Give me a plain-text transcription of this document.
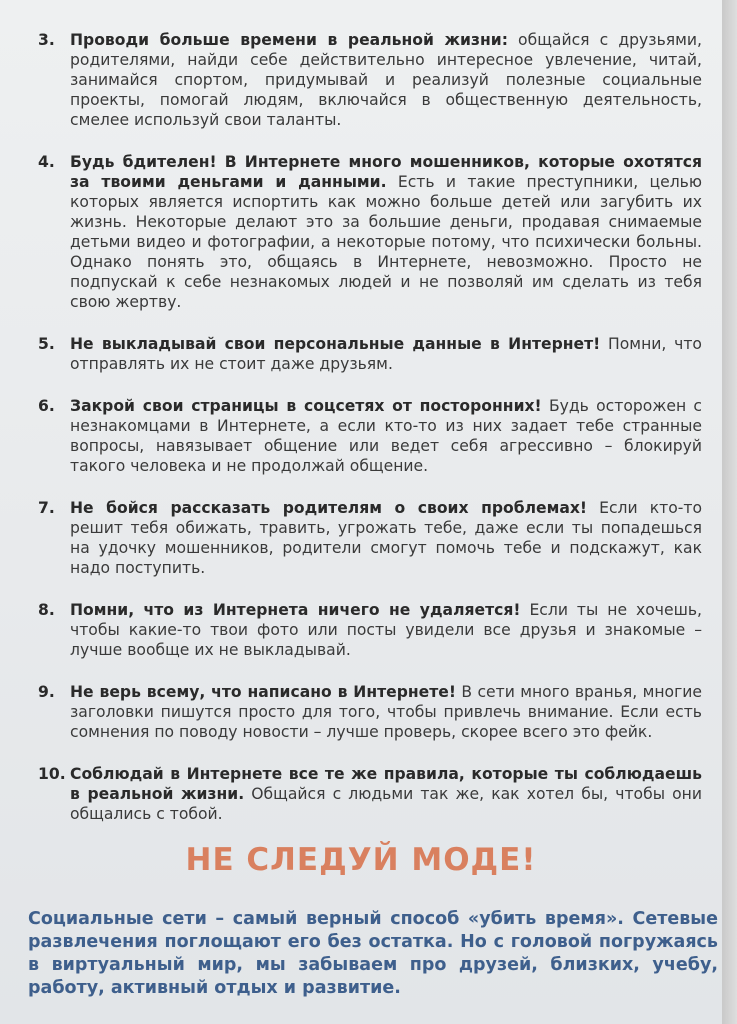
3. Проводи больше времени в реальной жизни: общайся с друзьями, родителями, найди себе действительно интересное увлечение, читай, занимайся спортом, придумывай и реализуй полезные социальные проекты, помогай людям, включайся в общественную деятельность, смелее используй свои таланты.
4. Будь бдителен! В Интернете много мошенников, которые охотятся за твоими деньгами и данными. Есть и такие преступники, целью которых является испортить как можно больше детей или загубить их жизнь. Некоторые делают это за большие деньги, продавая снимаемые детьми видео и фотографии, а некоторые потому, что психически больны. Однако понять это, общаясь в Интернете, невозможно. Просто не подпускай к себе незнакомых людей и не позволяй им сделать из тебя свою жертву.
5. Не выкладывай свои персональные данные в Интернет! Помни, что отправлять их не стоит даже друзьям.
6. Закрой свои страницы в соцсетях от посторонних! Будь осторожен с незнакомцами в Интернете, а если кто-то из них задает тебе странные вопросы, навязывает общение или ведет себя агрессивно – блокируй такого человека и не продолжай общение.
7. Не бойся рассказать родителям о своих проблемах! Если кто-то решит тебя обижать, травить, угрожать тебе, даже если ты попадешься на удочку мошенников, родители смогут помочь тебе и подскажут, как надо поступить.
8. Помни, что из Интернета ничего не удаляется! Если ты не хочешь, чтобы какие-то твои фото или посты увидели все друзья и знакомые – лучше вообще их не выкладывай.
9. Не верь всему, что написано в Интернете! В сети много вранья, многие заголовки пишутся просто для того, чтобы привлечь внимание. Если есть сомнения по поводу новости – лучше проверь, скорее всего это фейк.
10. Соблюдай в Интернете все те же правила, которые ты соблюдаешь в реальной жизни. Общайся с людьми так же, как хотел бы, чтобы они общались с тобой.
НЕ СЛЕДУЙ МОДЕ!

Социальные сети – самый верный способ «убить время». Сетевые развлечения поглощают его без остатка. Но с головой погружаясь в виртуальный мир, мы забываем про друзей, близких, учебу, работу, активный отдых и развитие.
